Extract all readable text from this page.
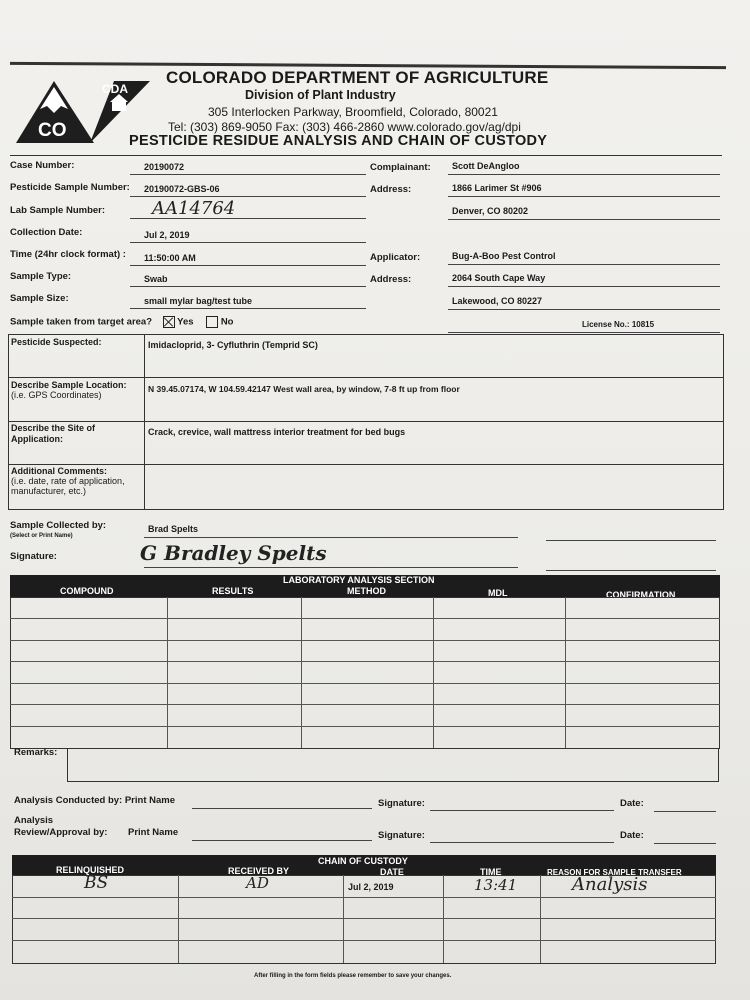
CO
CDA
COLORADO DEPARTMENT OF AGRICULTURE
Division of Plant Industry
305 Interlocken Parkway, Broomfield, Colorado, 80021
Tel: (303) 869-9050 Fax: (303) 466-2860 www.colorado.gov/ag/dpi
PESTICIDE RESIDUE ANALYSIS AND CHAIN OF CUSTODY
Case Number:	20190072
Pesticide Sample Number: 20190072-GBS-06
Lab Sample Number:	AA14764
Collection Date:	Jul 2, 2019
Time (24hr clock format) : 11:50:00 AM
Sample Type:	Swab
Sample Size:	small mylar bag/test tube
Sample taken from target area?	Yes	No
Complainant: Scott DeAngloo
Address:	1866 Larimer St #906
Denver, CO 80202
Applicator:	Bug-A-Boo Pest Control
Address:	2064 South Cape Way
Lakewood, CO 80227
License No.: 10815
Pesticide Suspected:	Imidacloprid, 3- Cyfluthrin (Temprid SC)
Describe Sample Location:
(i.e. GPS Coordinates)
N 39.45.07174, W 104.59.42147 West wall area, by window, 7-8 ft up from floor
Describe the Site of
Application:
Crack, crevice, wall mattress interior treatment for bed bugs
Additional Comments:
(i.e. date, rate of application,
manufacturer, etc.)
Sample Collected by:
(Select or Print Name)
Brad Spelts
Signature:	G Bradley Spelts
LABORATORY ANALYSIS SECTION
COMPOUND	RESULTS	METHOD	MDL	CONFIRMATION
Remarks:
Analysis Conducted by: Print Name	Signature:	Date:
Analysis
Review/Approval by: Print Name	Signature:	Date:
CHAIN OF CUSTODY
RELINQUISHED	RECEIVED BY	DATE	TIME	REASON FOR SAMPLE TRANSFER
BS	AD	Jul 2, 2019	13:41	Analysis
After filling in the form fields please remember to save your changes.
